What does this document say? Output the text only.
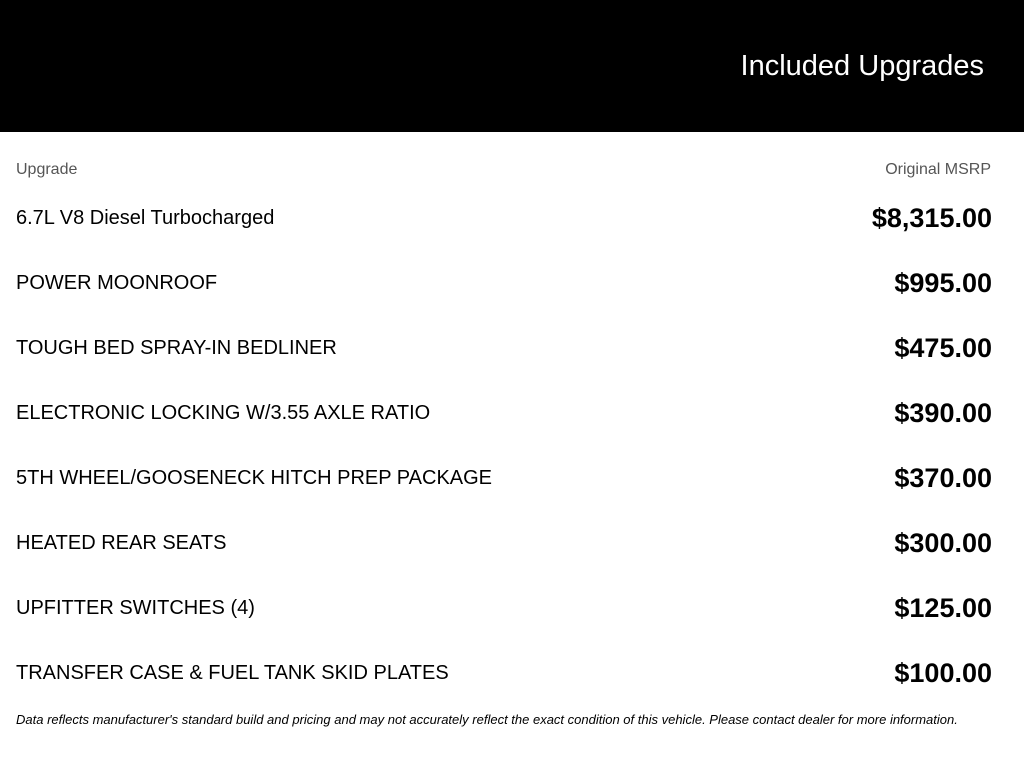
Included Upgrades
Upgrade	Original MSRP
6.7L V8 Diesel Turbocharged	$8,315.00
POWER MOONROOF	$995.00
TOUGH BED SPRAY-IN BEDLINER	$475.00
ELECTRONIC LOCKING W/3.55 AXLE RATIO	$390.00
5TH WHEEL/GOOSENECK HITCH PREP PACKAGE	$370.00
HEATED REAR SEATS	$300.00
UPFITTER SWITCHES (4)	$125.00
TRANSFER CASE & FUEL TANK SKID PLATES	$100.00
Data reflects manufacturer's standard build and pricing and may not accurately reflect the exact condition of this vehicle. Please contact dealer for more information.
